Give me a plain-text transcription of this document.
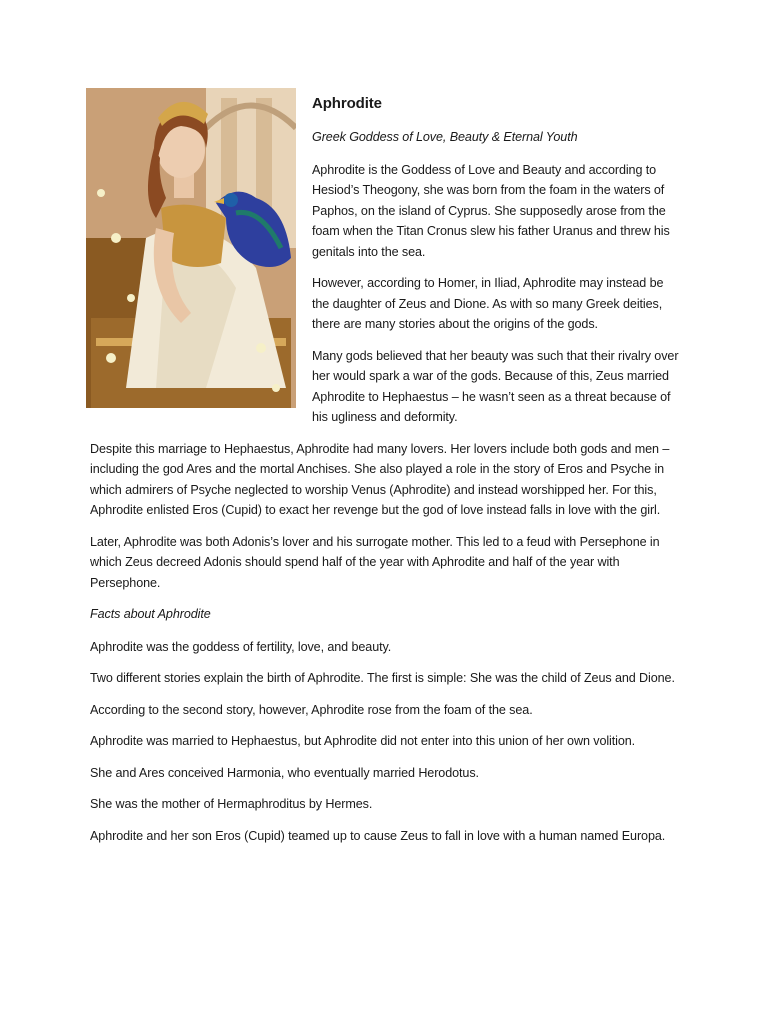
Aphrodite
Greek Goddess of Love, Beauty & Eternal Youth

Aphrodite is the Goddess of Love and Beauty and according to Hesiod’s Theogony, she was born from the foam in the waters of Paphos, on the island of Cyprus. She supposedly arose from the foam when the Titan Cronus slew his father Uranus and threw his genitals into the sea.

However, according to Homer, in Iliad, Aphrodite may instead be the daughter of Zeus and Dione. As with so many Greek deities, there are many stories about the origins of the gods.

Many gods believed that her beauty was such that their rivalry over her would spark a war of the gods. Because of this, Zeus married Aphrodite to Hephaestus – he wasn’t seen as a threat because of his ugliness and deformity.

Despite this marriage to Hephaestus, Aphrodite had many lovers. Her lovers include both gods and men – including the god Ares and the mortal Anchises. She also played a role in the story of Eros and Psyche in which admirers of Psyche neglected to worship Venus (Aphrodite) and instead worshipped her. For this, Aphrodite enlisted Eros (Cupid) to exact her revenge but the god of love instead falls in love with the girl.

Later, Aphrodite was both Adonis’s lover and his surrogate mother. This led to a feud with Persephone in which Zeus decreed Adonis should spend half of the year with Aphrodite and half of the year with Persephone.

Facts about Aphrodite

Aphrodite was the goddess of fertility, love, and beauty.

Two different stories explain the birth of Aphrodite. The first is simple: She was the child of Zeus and Dione.

According to the second story, however, Aphrodite rose from the foam of the sea.

Aphrodite was married to Hephaestus, but Aphrodite did not enter into this union of her own volition.

She and Ares conceived Harmonia, who eventually married Herodotus.

She was the mother of Hermaphroditus by Hermes.

Aphrodite and her son Eros (Cupid) teamed up to cause Zeus to fall in love with a human named Europa.
